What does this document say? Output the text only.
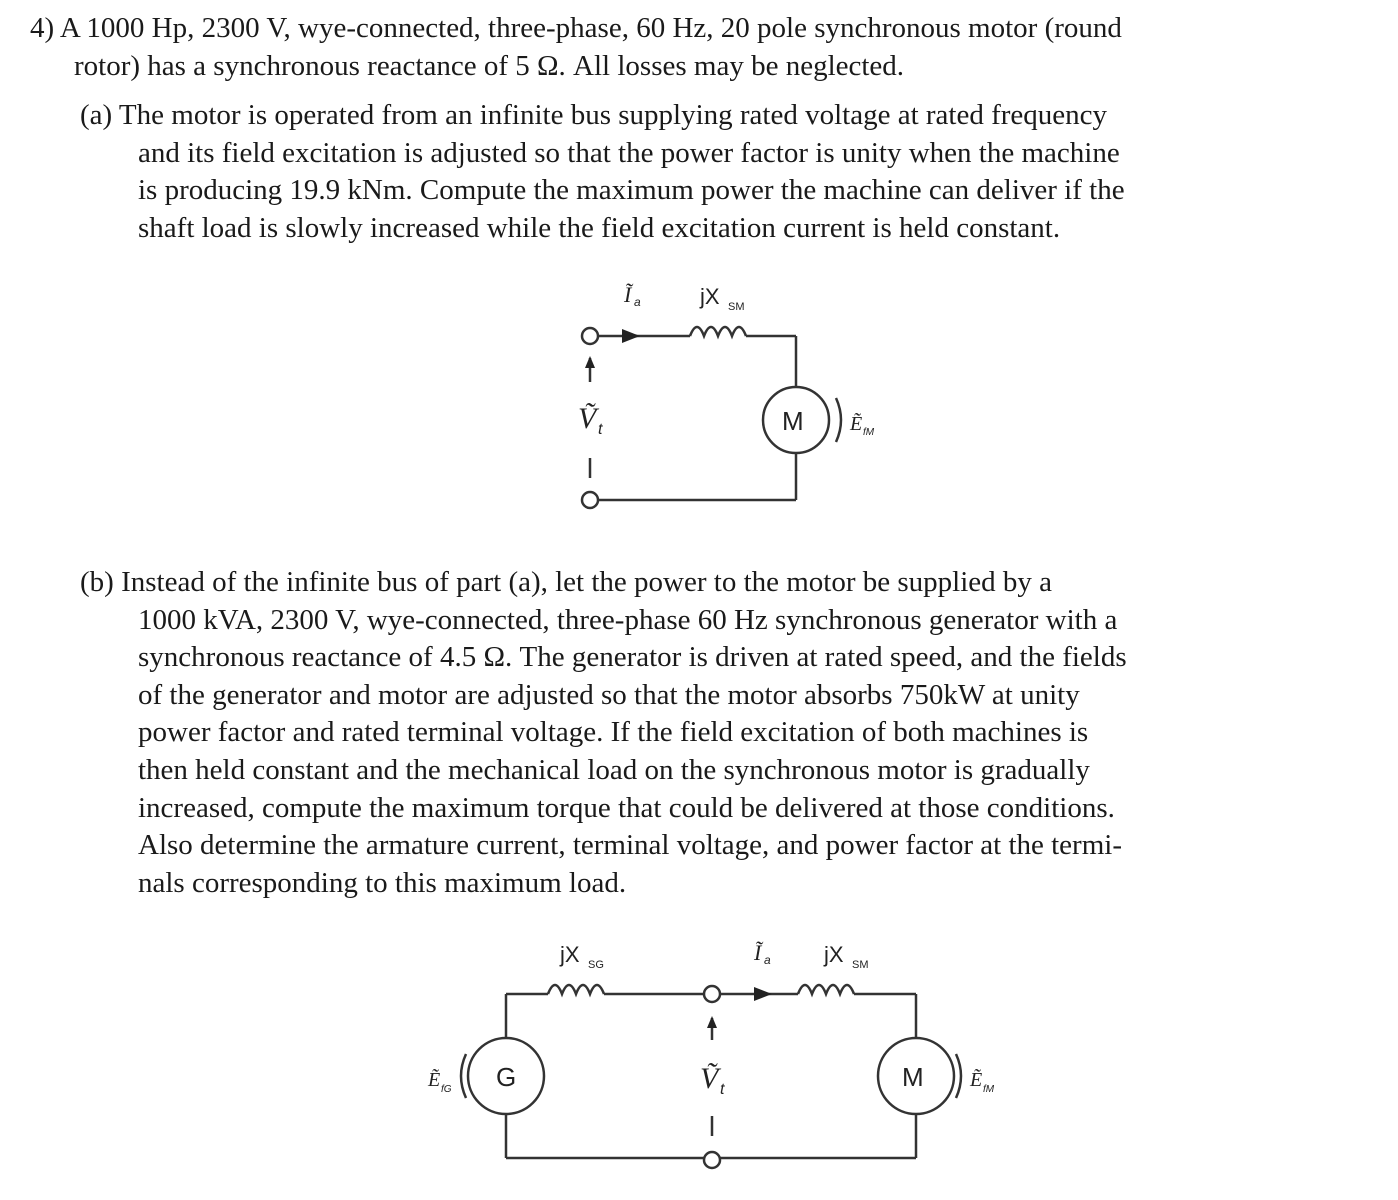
4) A 1000 Hp, 2300 V, wye-connected, three-phase, 60 Hz, 20 pole synchronous motor (round
rotor) has a synchronous reactance of 5 Ω. All losses may be neglected.
(a) The motor is operated from an infinite bus supplying rated voltage at rated frequency
and its field excitation is adjusted so that the power factor is unity when the machine
is producing 19.9 kNm. Compute the maximum power the machine can deliver if the
shaft load is slowly increased while the field excitation current is held constant.
Ĩ a	jX SM
M Ẽ fM
Ṽ t
(b) Instead of the infinite bus of part (a), let the power to the motor be supplied by a
1000 kVA, 2300 V, wye-connected, three-phase 60 Hz synchronous generator with a
synchronous reactance of 4.5 Ω. The generator is driven at rated speed, and the fields
of the generator and motor are adjusted so that the motor absorbs 750kW at unity
power factor and rated terminal voltage. If the field excitation of both machines is
then held constant and the mechanical load on the synchronous motor is gradually
increased, compute the maximum torque that could be delivered at those conditions.
Also determine the armature current, terminal voltage, and power factor at the termi-
nals corresponding to this maximum load.
jX SG	Ĩ a jX SM
G
Ẽ fG	M Ẽ fM
Ṽ t
